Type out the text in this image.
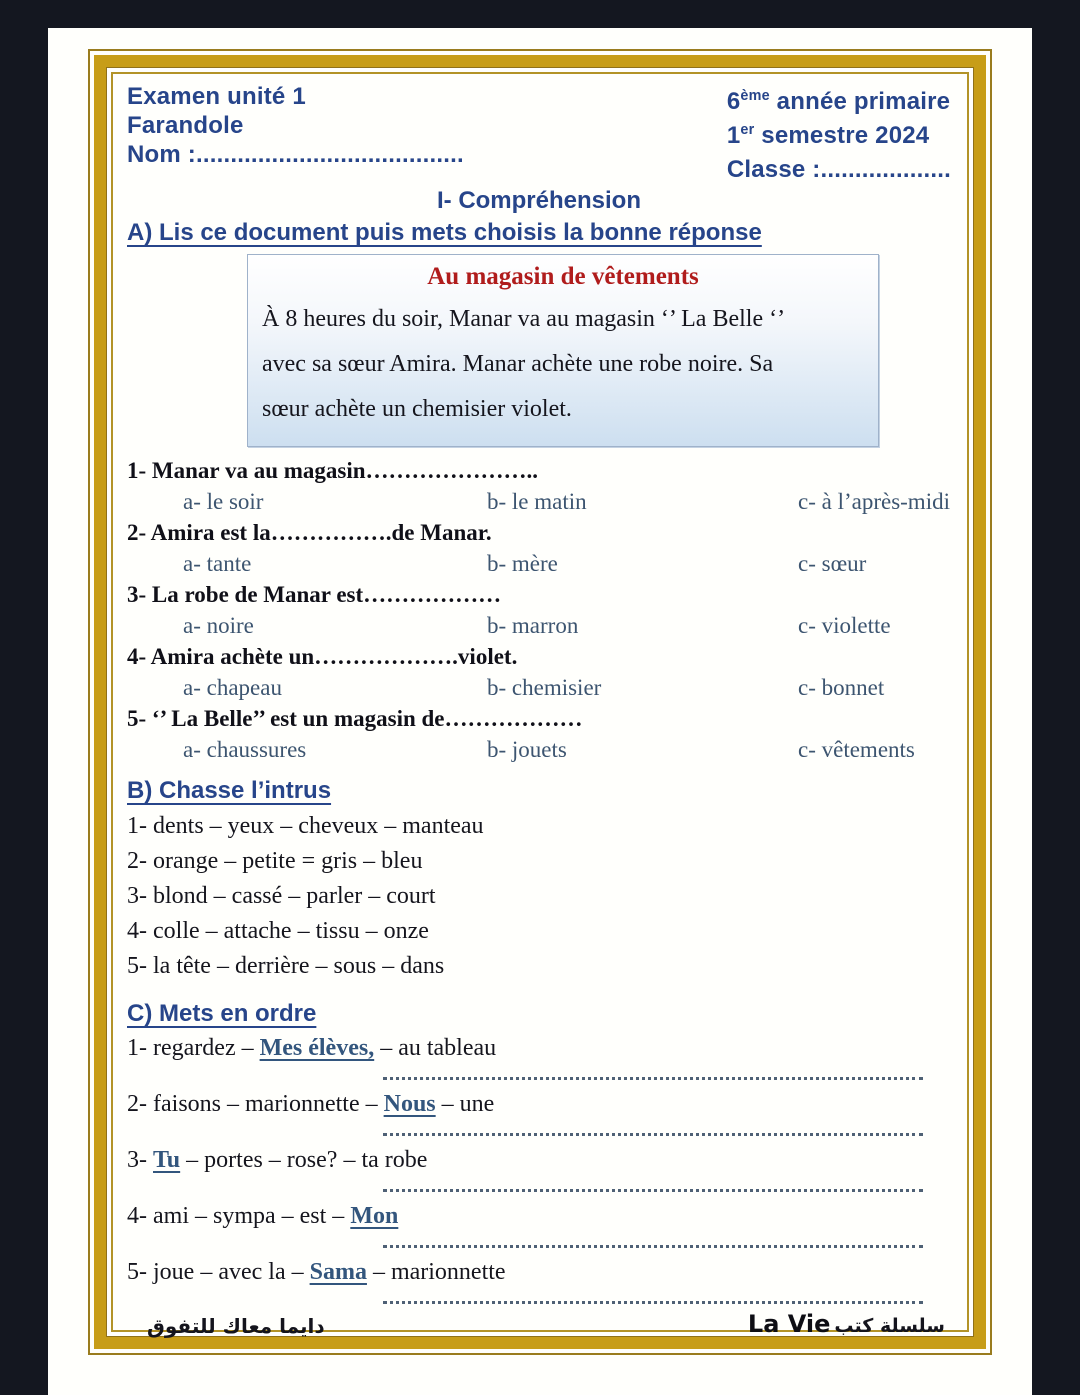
Examen unité 1
Farandole
Nom :.......................................
6ème année primaire
1er semestre 2024
Classe :...................
I- Compréhension
A) Lis ce document puis mets choisis la bonne réponse
Au magasin de vêtements
À 8 heures du soir, Manar va au magasin ‘’ La Belle ‘’
avec sa sœur Amira. Manar achète une robe noire. Sa
sœur achète un chemisier violet.
1- Manar va au magasin…………………..
a- le soir	b- le matin	c- à l’après-midi
2- Amira est la…………….de Manar.
a- tante	b- mère	c- sœur
3- La robe de Manar est………………
a- noire	b- marron	c- violette
4- Amira achète un……………….violet.
a- chapeau	b- chemisier	c- bonnet
5- ‘’ La Belle’’ est un magasin de………………
a- chaussures	b- jouets	c- vêtements
B) Chasse l’intrus
1- dents – yeux – cheveux – manteau
2- orange – petite = gris – bleu
3- blond – cassé – parler – court
4- colle – attache – tissu – onze
5- la tête – derrière – sous – dans
C) Mets en ordre
1- regardez – Mes élèves, – au tableau
2- faisons – marionnette – Nous – une
3- Tu – portes – rose? – ta robe
4- ami – sympa – est – Mon
5- joue – avec la – Sama – marionnette
دايما معاك للتفوق	سلسلة كتب La Vie
